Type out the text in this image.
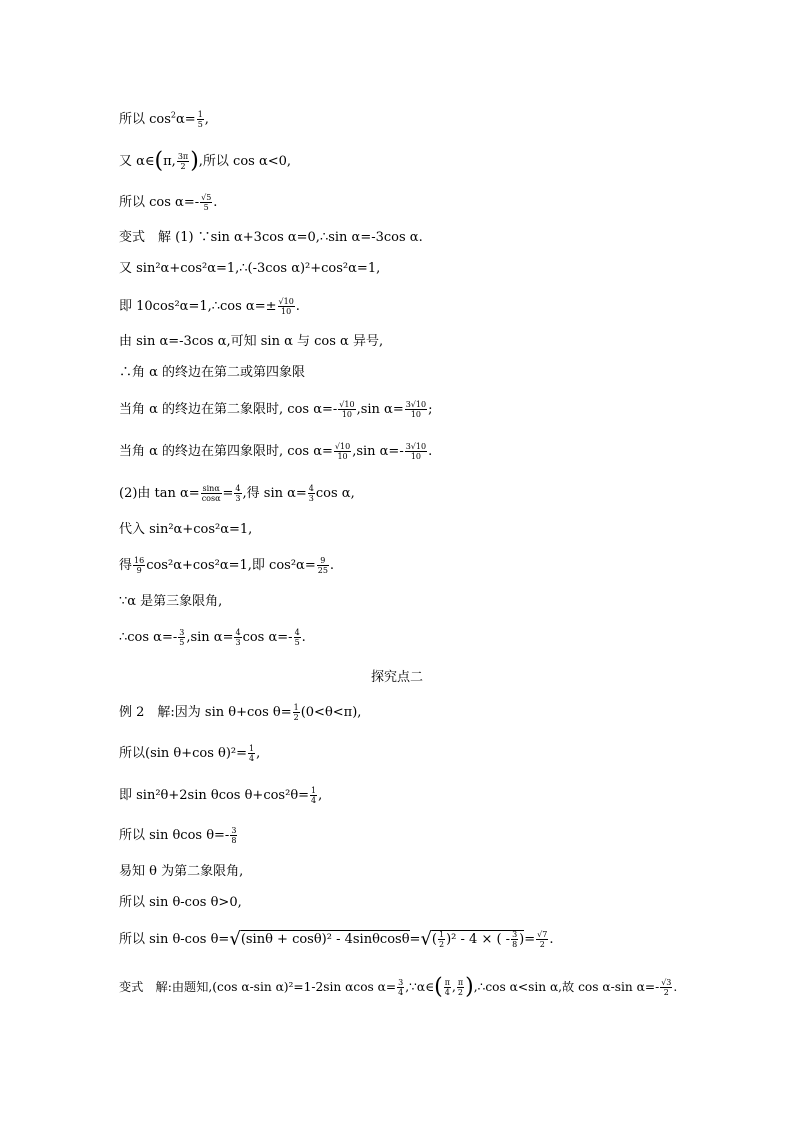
所以 $\cos^2\alpha= \frac{1}{5}$ ,
又 α∈(π, $\frac{3\pi}{2}$ ),所以 cos α<0,
所以 $\cos \alpha=- \frac{√5}{5}$ .
变式　解 (1) ∵sin α+3cos α=0,∴sin α=-3cos α.
又 sin²α+cos²α=1,∴(-3cos α)²+cos²α=1,
即 10cos²α=1,∴cos $\alpha=\pm \frac{√10}{10}$ .
由 sin α=-3cos α,可知 sin α 与 cos α 异号,
∴角 α 的终边在第二或第四象限
当角 α 的终边在第二象限时, $\cos \alpha=- \frac{√10}{10} ,\sin$ $\alpha= \frac{3√10}{10}$ ;
当角 α 的终边在第四象限时, $\cos \alpha= \frac{√10}{10} ,\sin$ $\alpha=- \frac{3√10}{10}$ .
(2)由 $\tan \alpha= \frac{\sin\alpha}{\cos\alpha} = \frac{4}{3}$ ,得 $\sin \alpha= \frac{4}{3}$ cos α,
代入 sin²α+cos²α=1,
得 $\frac{16}{9} \cos^2\alpha+\cos^2\alpha=1$,即 $\cos^2\alpha= \frac{9}{25}$ .
∵α 是第三象限角,
∴cos $\alpha=- \frac{3}{5} ,\sin$ $\alpha= \frac{4}{3}$ $\cos \alpha=- \frac{4}{5}$ .
探究点二
例 2　解:因为 sin θ+cos $\theta= \frac{1}{2} (0<\theta<\pi)$,
所以(sin θ+cos $\theta)^2= \frac{1}{4}$ ,
即 sin²θ+2sin θcos $\theta+\cos^2\theta= \frac{1}{4}$ ,
所以 sin θcos $\theta=- \frac{3}{8}$
易知 θ 为第二象限角,
所以 sin θ-cos θ>0,
所以 sin θ-cos $\theta=√(\sin\theta + \cos\theta)^2 - 4\sin\theta\cos\theta=√( \frac{1}{2} )^2 - 4$ × ( - $\frac{3}{8}$ )= $\frac{√7}{2}$ .
变式　解:由题知,(cos α-sin α)²=1-2sin αcos $\alpha= \frac{3}{4}$ ,∵α∈( $\frac{\pi}{4}$ , $\frac{\pi}{2}$ ),∴cos α<sin α,故 cos α-sin $\alpha=- \frac{√3}{2}$ .
